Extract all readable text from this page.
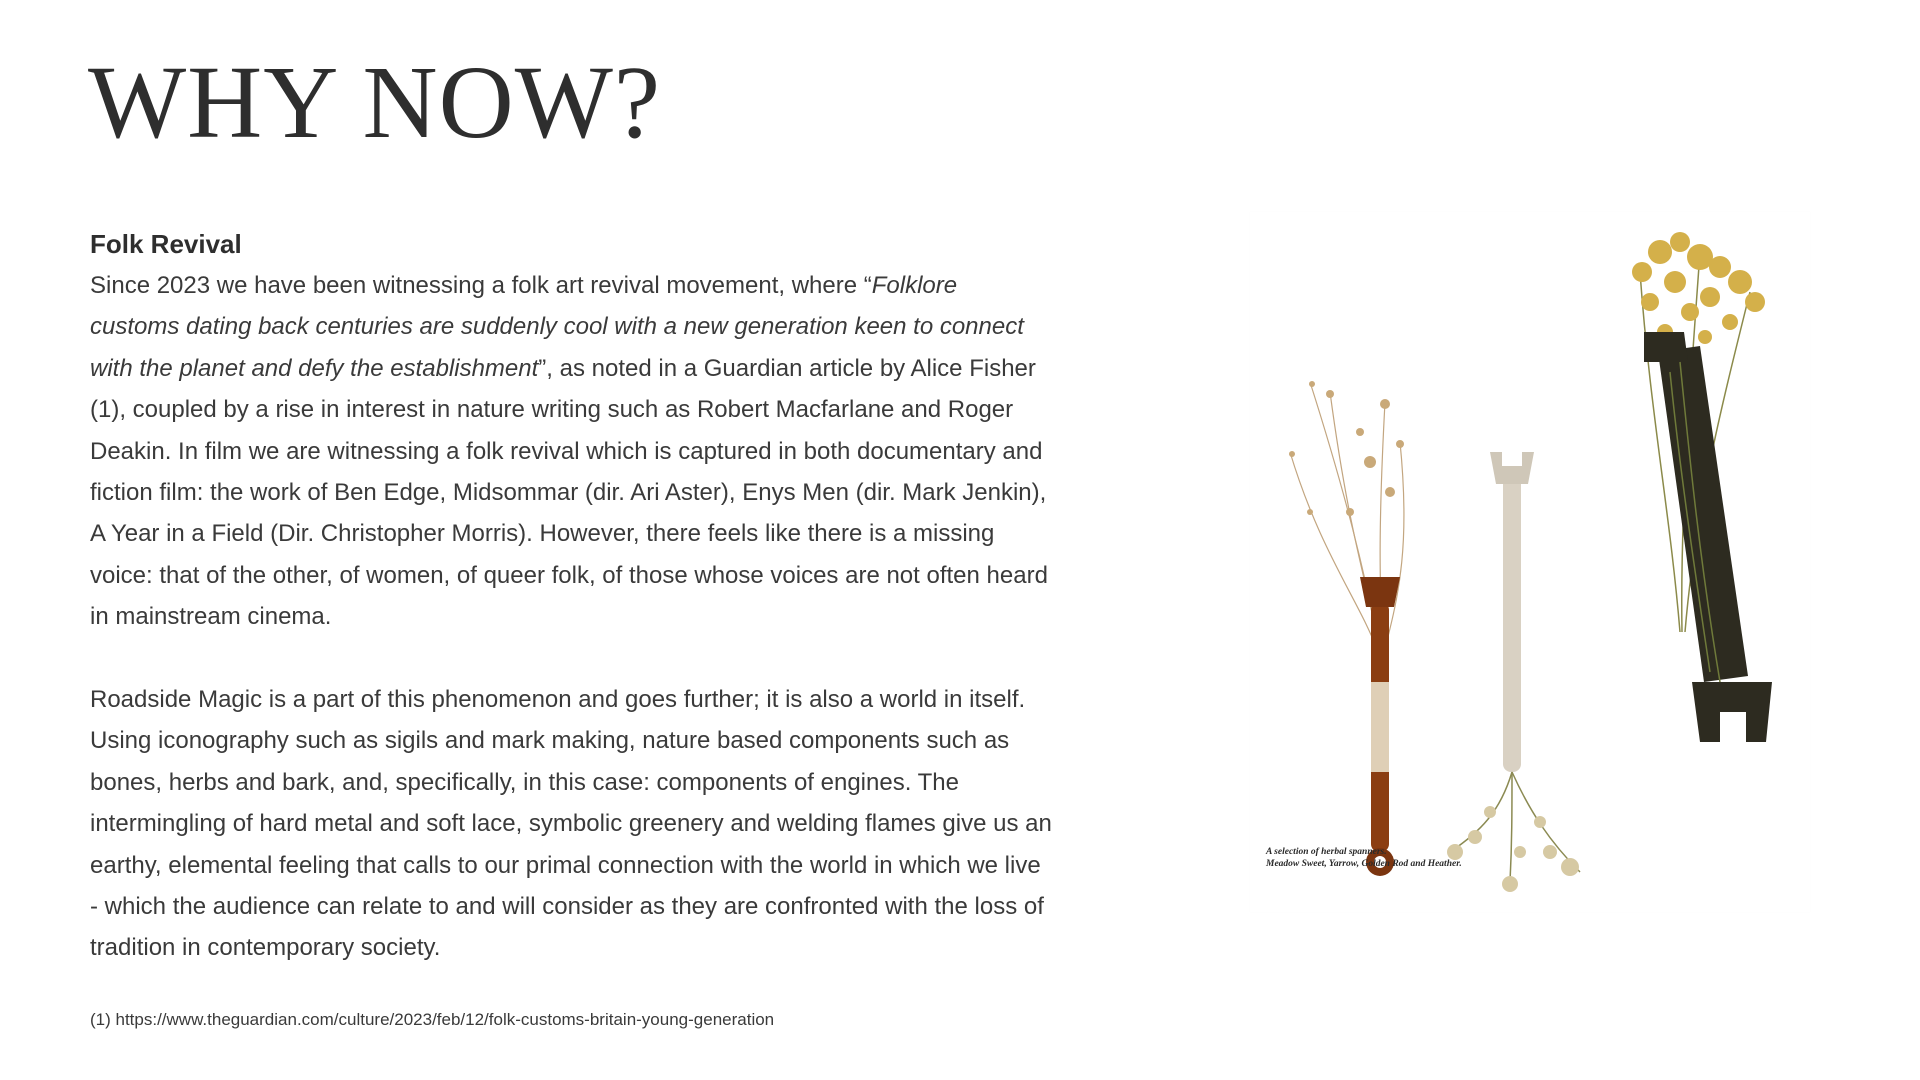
WHY NOW?
Folk Revival

Since 2023 we have been witnessing a folk art revival movement, where “Folklore customs dating back centuries are suddenly cool with a new generation keen to connect with the planet and defy the establishment”, as noted in a Guardian article by Alice Fisher (1), coupled by a rise in interest in nature writing such as Robert Macfarlane and Roger Deakin. In film we are witnessing a folk revival which is captured in both documentary and fiction film: the work of Ben Edge, Midsommar (dir. Ari Aster), Enys Men (dir. Mark Jenkin), A Year in a Field (Dir. Christopher Morris). However, there feels like there is a missing voice: that of the other, of women, of queer folk, of those whose voices are not often heard in mainstream cinema.

Roadside Magic is a part of this phenomenon and goes further; it is also a world in itself. Using iconography such as sigils and mark making, nature based components such as bones, herbs and bark, and, specifically, in this case: components of engines. The intermingling of hard metal and soft lace, symbolic greenery and welding flames give us an earthy, elemental feeling that calls to our primal connection with the world in which we live - which the audience can relate to and will consider as they are confronted with the loss of tradition in contemporary society.

(1) https://www.theguardian.com/culture/2023/feb/12/folk-customs-britain-young-generation

A selection of herbal spanners.
Meadow Sweet, Yarrow, Golden Rod and Heather.
